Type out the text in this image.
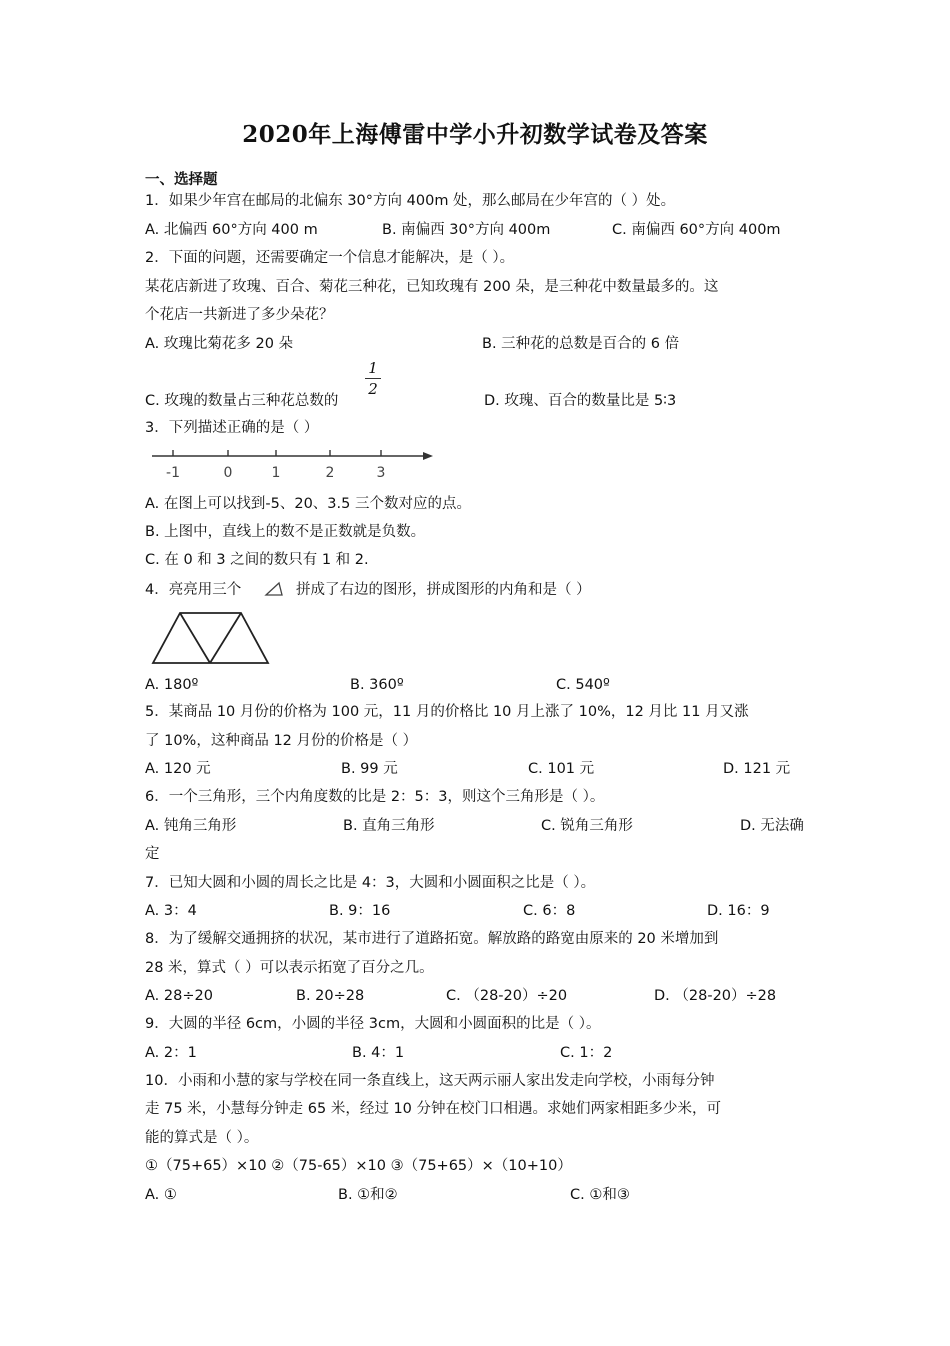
2020年上海傅雷中学小升初数学试卷及答案
一、选择题
1．如果少年宫在邮局的北偏东 30°方向 400m 处，那么邮局在少年宫的（ ）处。
A. 北偏西 60°方向 400 m	B. 南偏西 30°方向 400m	C. 南偏西 60°方向 400m
2．下面的问题，还需要确定一个信息才能解决，是（ ）。
某花店新进了玫瑰、百合、菊花三种花，已知玫瑰有 200 朵，是三种花中数量最多的。这
个花店一共新进了多少朵花？
A. 玫瑰比菊花多 20 朵	B. 三种花的总数是百合的 6 倍
C. 玫瑰的数量占三种花总数的
1
2
D. 玫瑰、百合的数量比是 5∶3
3．下列描述正确的是（ ）
-1	0	1	2	3
A. 在图上可以找到-5、20、3.5 三个数对应的点。
B. 上图中，直线上的数不是正数就是负数。
C. 在 0 和 3 之间的数只有 1 和 2.
4．亮亮用三个	拼成了右边的图形，拼成图形的内角和是（ ）
A. 180º	B. 360º	C. 540º
5．某商品 10 月份的价格为 100 元，11 月的价格比 10 月上涨了 10%，12 月比 11 月又涨
了 10%，这种商品 12 月份的价格是（ ）
A. 120 元	B. 99 元	C. 101 元	D. 121 元
6．一个三角形，三个内角度数的比是 2：5：3，则这个三角形是（ ）。
A. 钝角三角形	B. 直角三角形	C. 锐角三角形	D. 无法确
定
7．已知大圆和小圆的周长之比是 4：3，大圆和小圆面积之比是（ ）。
A. 3：4	B. 9：16	C. 6：8	D. 16：9
8．为了缓解交通拥挤的状况，某市进行了道路拓宽。解放路的路宽由原来的 20 米增加到
28 米，算式（ ）可以表示拓宽了百分之几。
A. 28÷20	B. 20÷28	C. （28-20）÷20	D. （28-20）÷28
9．大圆的半径 6cm，小圆的半径 3cm，大圆和小圆面积的比是（ ）。
A. 2：1	B. 4：1	C. 1：2
10．小雨和小慧的家与学校在同一条直线上，这天两示丽人家出发走向学校，小雨每分钟
走 75 米，小慧每分钟走 65 米，经过 10 分钟在校门口相遇。求她们两家相距多少米，可
能的算式是（ ）。
①（75+65）×10 ②（75-65）×10 ③（75+65）×（10+10）
A. ①	B. ①和②	C. ①和③
